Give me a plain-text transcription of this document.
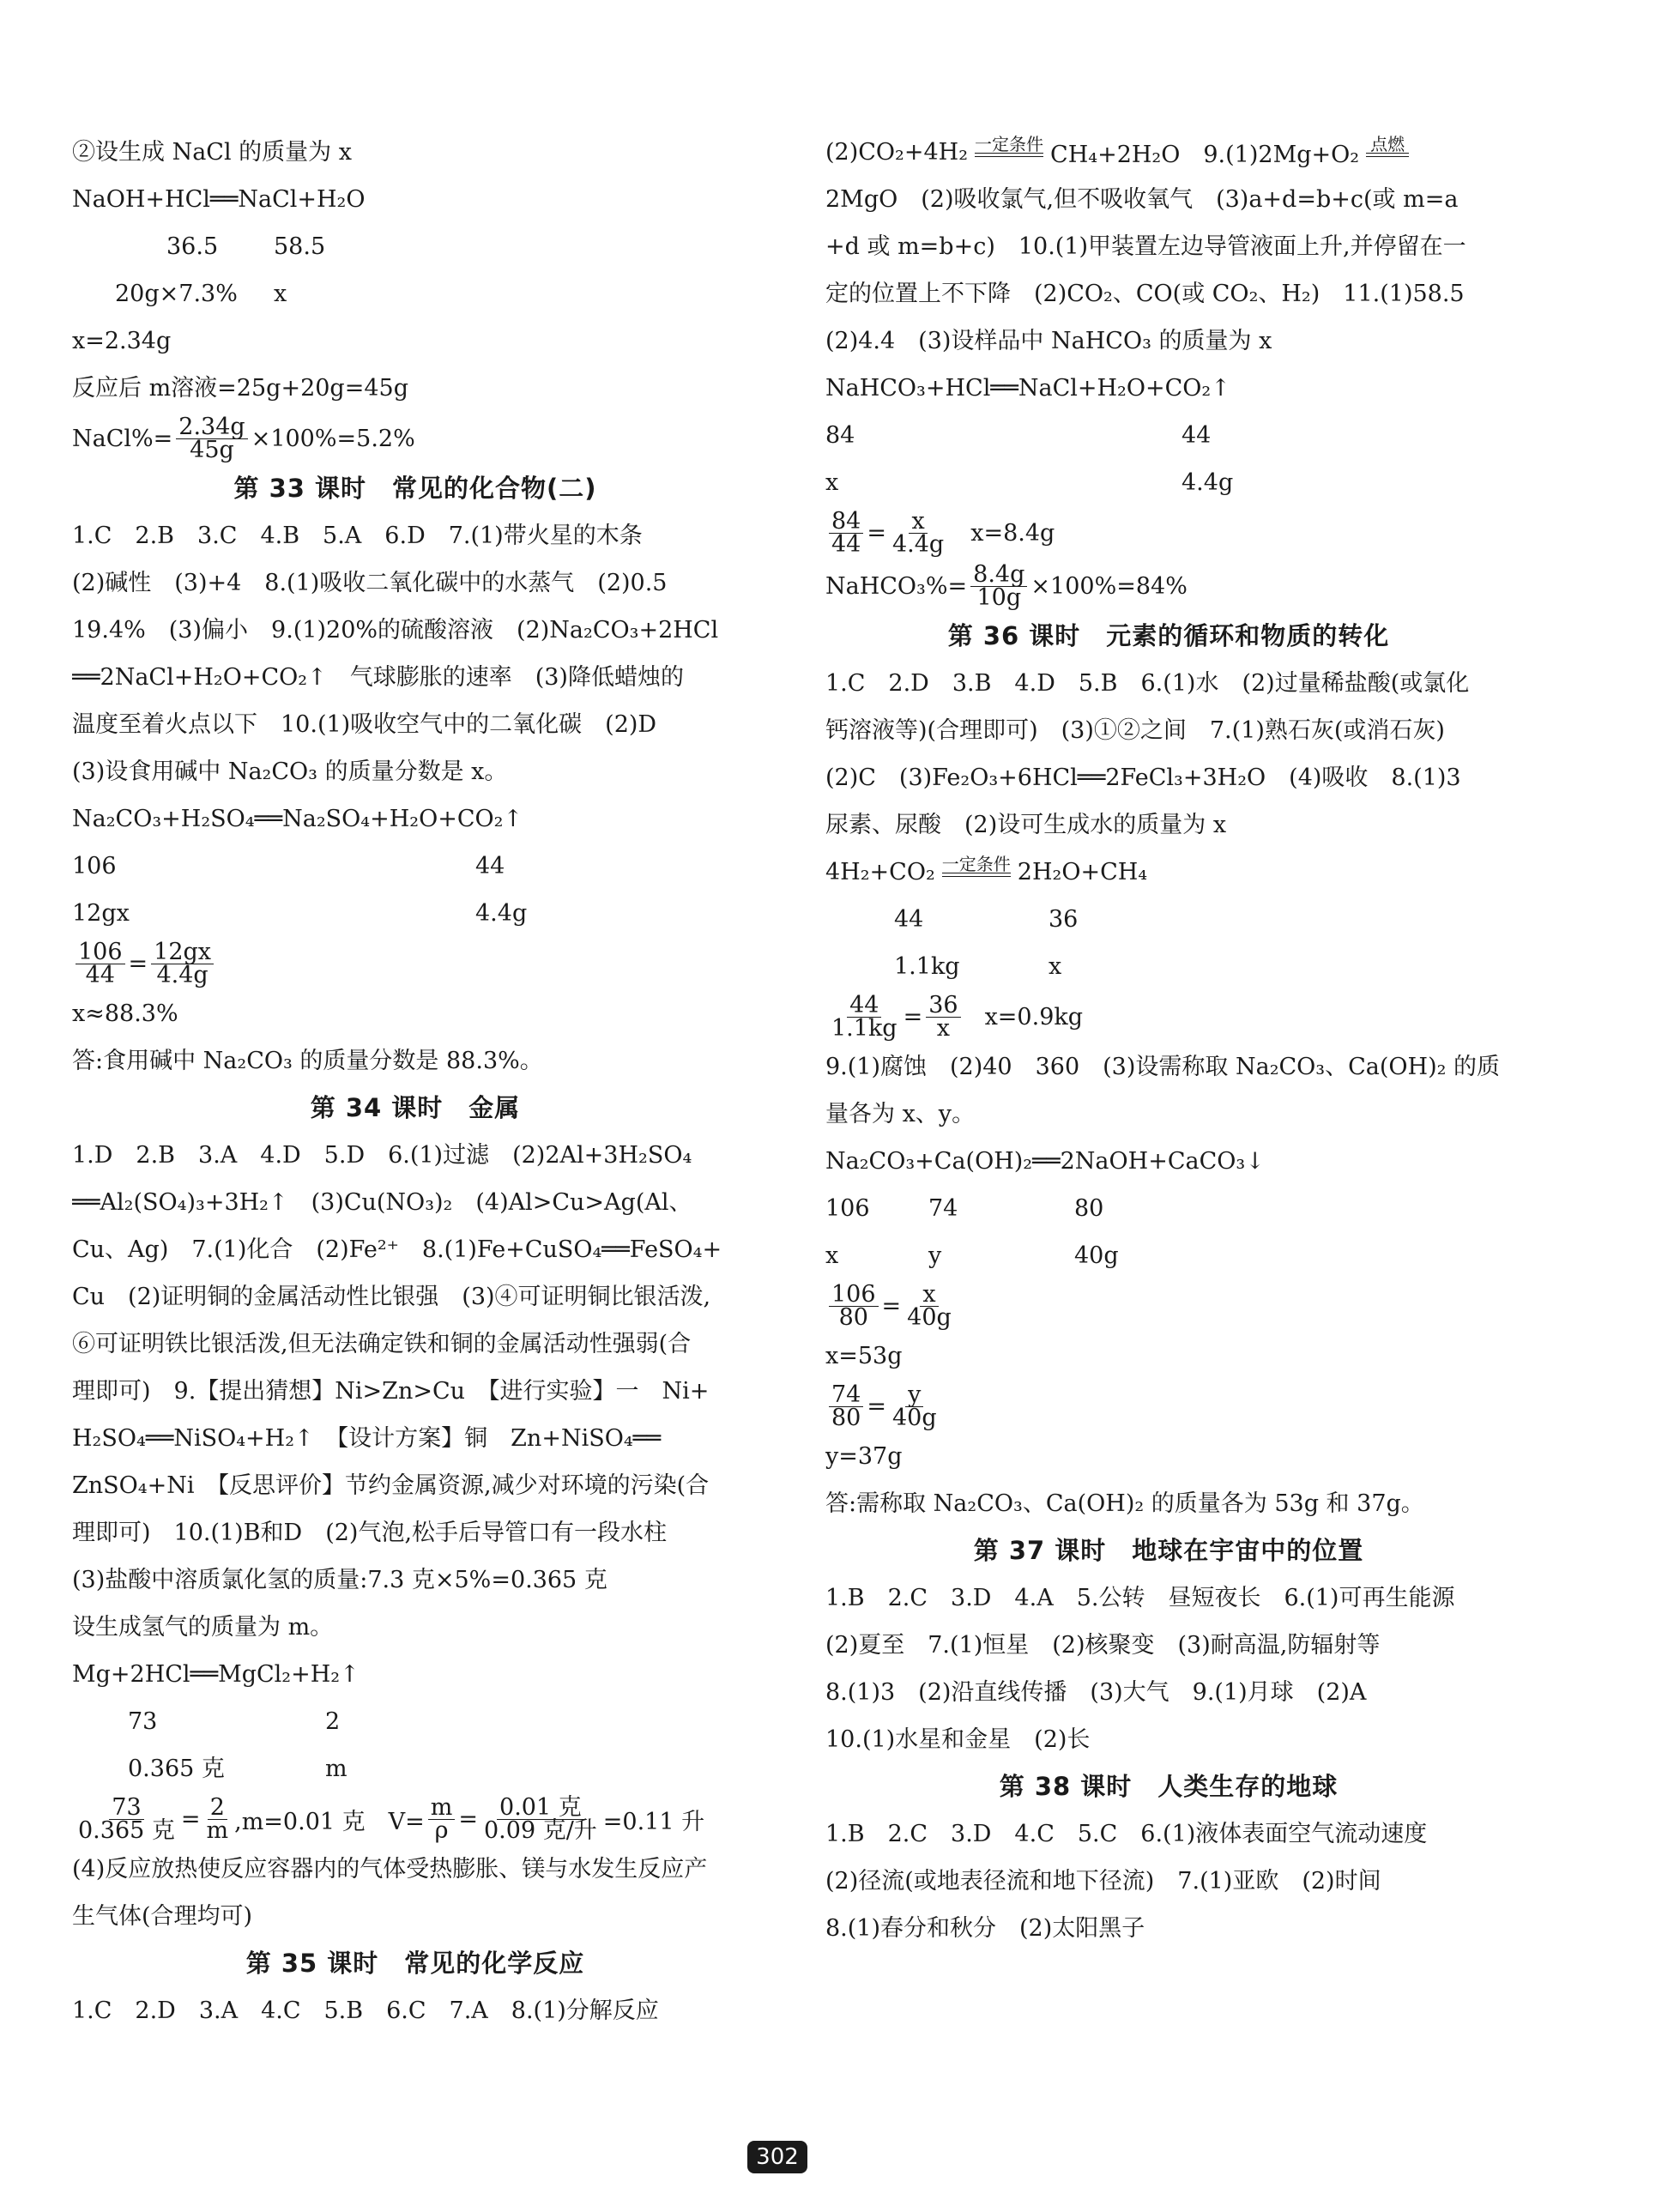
②设生成 NaCl 的质量为 x
NaOH+HCl══NaCl+H₂O
36.5	58.5
20g×7.3%	x
x=2.34g
反应后 m溶液=25g+20g=45g
NaCl%= $\frac{2.34g}{45g} \times 100\%=5.2\%$
第 33 课时　常见的化合物(二)
1.C　2.B　3.C　4.B　5.A　6.D　7.(1)带火星的木条
(2)碱性　(3)+4　8.(1)吸收二氧化碳中的水蒸气　(2)0.5
19.4%　(3)偏小　9.(1)20%的硫酸溶液　(2)Na₂CO₃+2HCl
══2NaCl+H₂O+CO₂↑　气球膨胀的速率　(3)降低蜡烛的
温度至着火点以下　10.(1)吸收空气中的二氧化碳　(2)D
(3)设食用碱中 Na₂CO₃ 的质量分数是 x。
Na₂CO₃+H₂SO₄══Na₂SO₄+H₂O+CO₂↑
106	44
12gx	4.4g
$\frac{106}{44} = \frac{12gx}{4.4g}$
x≈88.3%
答:食用碱中 Na₂CO₃ 的质量分数是 88.3%。
第 34 课时　金属
1.D　2.B　3.A　4.D　5.D　6.(1)过滤　(2)2Al+3H₂SO₄
══Al₂(SO₄)₃+3H₂↑　(3)Cu(NO₃)₂　(4)Al>Cu>Ag(Al、
Cu、Ag)　7.(1)化合　(2)Fe²⁺　8.(1)Fe+CuSO₄══FeSO₄+
Cu　(2)证明铜的金属活动性比银强　(3)④可证明铜比银活泼,
⑥可证明铁比银活泼,但无法确定铁和铜的金属活动性强弱(合
理即可)　9.【提出猜想】Ni>Zn>Cu　【进行实验】一　Ni+
H₂SO₄══NiSO₄+H₂↑　【设计方案】铜　Zn+NiSO₄══
ZnSO₄+Ni　【反思评价】节约金属资源,减少对环境的污染(合
理即可)　10.(1)B和D　(2)气泡,松手后导管口有一段水柱
(3)盐酸中溶质氯化氢的质量:7.3 克×5%=0.365 克
设生成氢气的质量为 m。
Mg+2HCl══MgCl₂+H₂↑
73	2
0.365 克	m
$\frac{73}{\text{0.365 克}} = \frac{2}{m} ,m=0.01$ 克　$V= \frac{m}{\rho} = \frac{\text{0.01 克}}{\text{0.09 克/升}} =0.11$ 升
(4)反应放热使反应容器内的气体受热膨胀、镁与水发生反应产
生气体(合理均可)
第 35 课时　常见的化学反应
1.C　2.D　3.A　4.C　5.B　6.C　7.A　8.(1)分解反应
(2)CO₂+4H₂ 一定条件 CH₄+2H₂O　9.(1)2Mg+O₂ 点燃
2MgO　(2)吸收氯气,但不吸收氧气　(3)a+d=b+c(或 m=a
+d 或 m=b+c)　10.(1)甲装置左边导管液面上升,并停留在一
定的位置上不下降　(2)CO₂、CO(或 CO₂、H₂)　11.(1)58.5
(2)4.4　(3)设样品中 NaHCO₃ 的质量为 x
NaHCO₃+HCl══NaCl+H₂O+CO₂↑
84	44
x	4.4g
$\frac{84}{44} = \frac{x}{4.4g} x=8.4g$
NaHCO₃%= $\frac{8.4g}{10g} \times 100\%=84\%$
第 36 课时　元素的循环和物质的转化
1.C　2.D　3.B　4.D　5.B　6.(1)水　(2)过量稀盐酸(或氯化
钙溶液等)(合理即可)　(3)①②之间　7.(1)熟石灰(或消石灰)
(2)C　(3)Fe₂O₃+6HCl══2FeCl₃+3H₂O　(4)吸收　8.(1)3
尿素、尿酸　(2)设可生成水的质量为 x
4H₂+CO₂ 一定条件 2H₂O+CH₄
44	36
1.1kg	x
$\frac{44}{1.1kg} = \frac{36}{x} x=0.9kg$
9.(1)腐蚀　(2)40　360　(3)设需称取 Na₂CO₃、Ca(OH)₂ 的质
量各为 x、y。
Na₂CO₃+Ca(OH)₂══2NaOH+CaCO₃↓
106	74	80
x	y	40g
$\frac{106}{80} = \frac{x}{40g}$
x=53g
$\frac{74}{80} = \frac{y}{40g}$
y=37g
答:需称取 Na₂CO₃、Ca(OH)₂ 的质量各为 53g 和 37g。
第 37 课时　地球在宇宙中的位置
1.B　2.C　3.D　4.A　5.公转　昼短夜长　6.(1)可再生能源
(2)夏至　7.(1)恒星　(2)核聚变　(3)耐高温,防辐射等
8.(1)3　(2)沿直线传播　(3)大气　9.(1)月球　(2)A
10.(1)水星和金星　(2)长
第 38 课时　人类生存的地球
1.B　2.C　3.D　4.C　5.C　6.(1)液体表面空气流动速度
(2)径流(或地表径流和地下径流)　7.(1)亚欧　(2)时间
8.(1)春分和秋分　(2)太阳黑子
302
